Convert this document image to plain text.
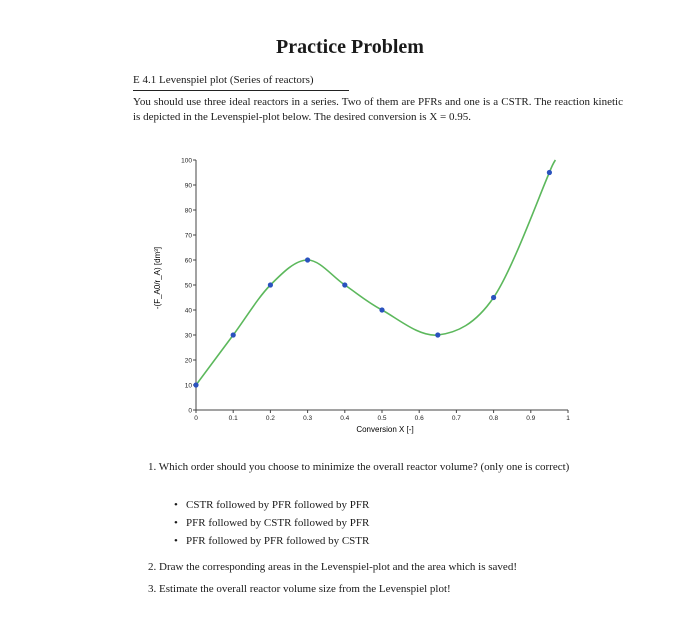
Practice Problem
E 4.1 Levenspiel plot (Series of reactors)
You should use three ideal reactors in a series. Two of them are PFRs and one is a CSTR. The reaction kinetic is depicted in the Levenspiel-plot below. The desired conversion is X = 0.95.
0
10
20
30
40
50
60
70
80
90
100
0	0.1	0.2	0.3	0.4	0.5	0.6	0.7	0.8	0.9	1
Conversion X [-]
-(F_A0/r_A) [dm³]
1. Which order should you choose to minimize the overall reactor volume? (only one is correct)
• CSTR followed by PFR followed by PFR
• PFR followed by CSTR followed by PFR
• PFR followed by PFR followed by CSTR
2. Draw the corresponding areas in the Levenspiel-plot and the area which is saved!
3. Estimate the overall reactor volume size from the Levenspiel plot!
